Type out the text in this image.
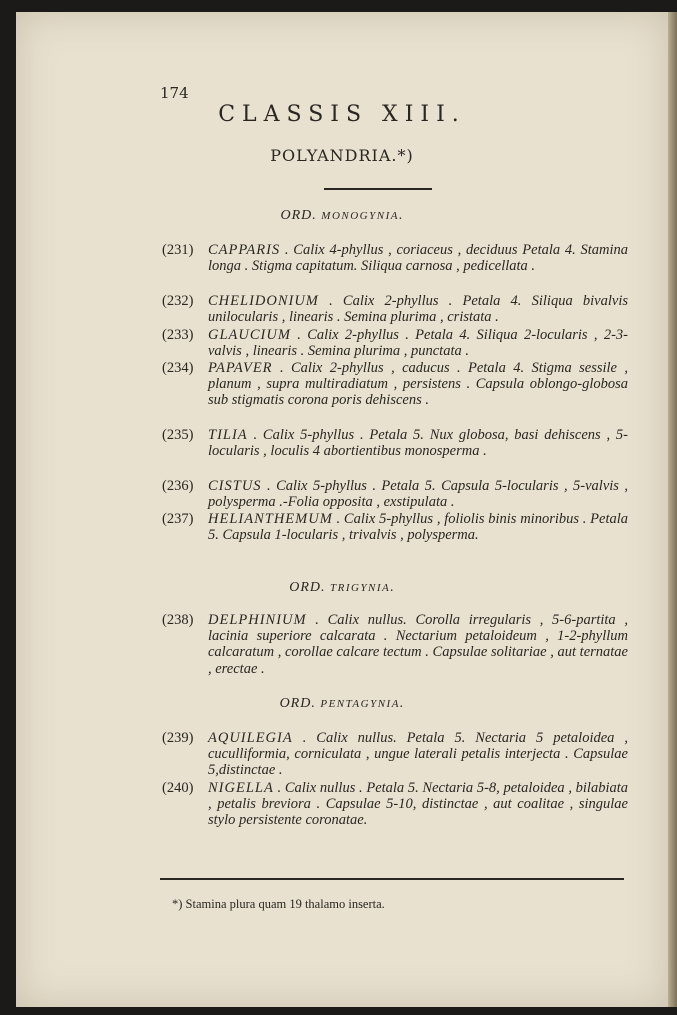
174
CLASSIS XIII.
POLYANDRIA.*)
ORD. MONOGYNIA.
(231) CAPPARIS . Calix 4-phyllus , coriaceus , deciduus Petala 4. Stamina longa . Stigma capitatum. Siliqua carnosa , pedicellata .
(232) CHELIDONIUM . Calix 2-phyllus . Petala 4. Siliqua bivalvis unilocularis , linearis . Semina plurima , cristata .
(233) GLAUCIUM . Calix 2-phyllus . Petala 4. Siliqua 2-locularis , 2-3-valvis , linearis . Semina plurima , punctata .
(234) PAPAVER . Calix 2-phyllus , caducus . Petala 4. Stigma sessile , planum , supra multiradiatum , persistens . Capsula oblongo-globosa sub stigmatis corona poris dehiscens .
(235) TILIA . Calix 5-phyllus . Petala 5. Nux globosa, basi dehiscens , 5-locularis , loculis 4 abortientibus monosperma .
(236) CISTUS . Calix 5-phyllus . Petala 5. Capsula 5-locularis , 5-valvis , polysperma .-Folia opposita , exstipulata .
(237) HELIANTHEMUM . Calix 5-phyllus , foliolis binis minoribus . Petala 5. Capsula 1-locularis , trivalvis , polysperma.
ORD. TRIGYNIA.
(238) DELPHINIUM . Calix nullus. Corolla irregularis , 5-6-partita , lacinia superiore calcarata . Nectarium petaloideum , 1-2-phyllum calcaratum , corollae calcare tectum . Capsulae solitariae , aut ternatae , erectae .
ORD. PENTAGYNIA.
(239) AQUILEGIA . Calix nullus. Petala 5. Nectaria 5 petaloidea , cuculliformia, corniculata , ungue laterali petalis interjecta . Capsulae 5,distinctae .
(240) NIGELLA . Calix nullus . Petala 5. Nectaria 5-8, petaloidea , bilabiata , petalis breviora . Capsulae 5-10, distinctae , aut coalitae , singulae stylo persistente coronatae.
*) Stamina plura quam 19 thalamo inserta.
